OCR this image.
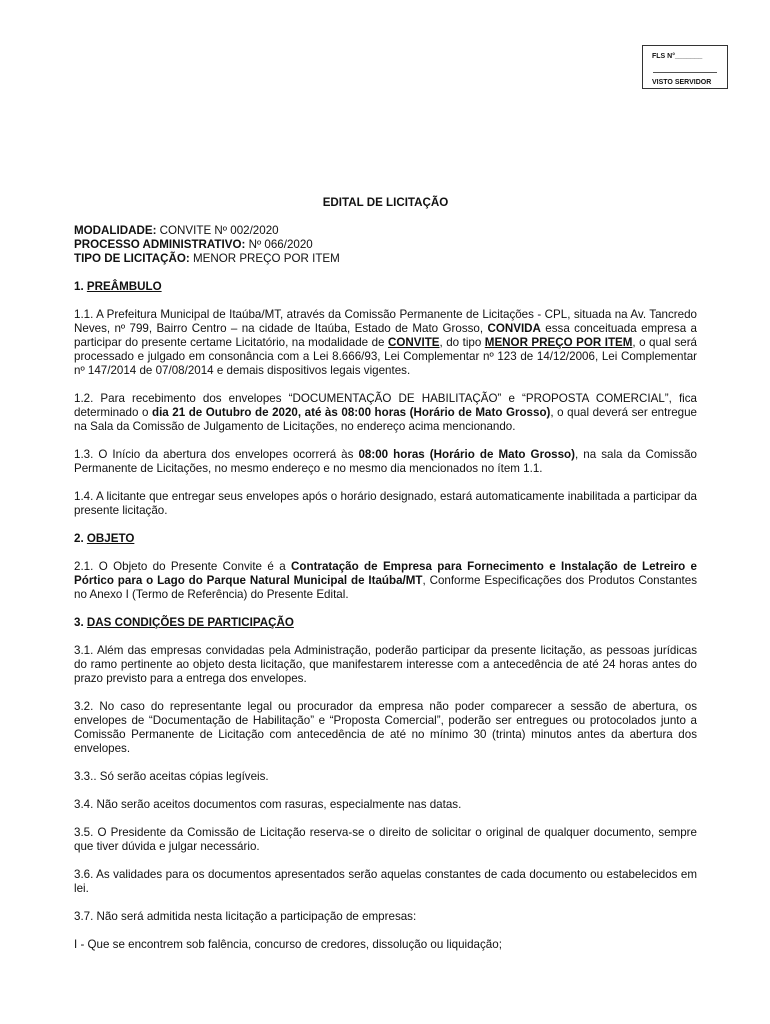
FLS N°_______
VISTO SERVIDOR
EDITAL DE LICITAÇÃO
MODALIDADE: CONVITE Nº 002/2020
PROCESSO ADMINISTRATIVO: Nº 066/2020
TIPO DE LICITAÇÃO: MENOR PREÇO POR ITEM
1. PREÂMBULO

1.1. A Prefeitura Municipal de Itaúba/MT, através da Comissão Permanente de Licitações - CPL, situada na Av. Tancredo Neves, nº 799, Bairro Centro – na cidade de Itaúba, Estado de Mato Grosso, CONVIDA essa conceituada empresa a participar do presente certame Licitatório, na modalidade de CONVITE, do tipo MENOR PREÇO POR ITEM, o qual será processado e julgado em consonância com a Lei 8.666/93, Lei Complementar nº 123 de 14/12/2006, Lei Complementar nº 147/2014 de 07/08/2014 e demais dispositivos legais vigentes.

1.2. Para recebimento dos envelopes “DOCUMENTAÇÃO DE HABILITAÇÃO” e “PROPOSTA COMERCIAL”, fica determinado o dia 21 de Outubro de 2020, até às 08:00 horas (Horário de Mato Grosso), o qual deverá ser entregue na Sala da Comissão de Julgamento de Licitações, no endereço acima mencionando.

1.3. O Início da abertura dos envelopes ocorrerá às 08:00 horas (Horário de Mato Grosso), na sala da Comissão Permanente de Licitações, no mesmo endereço e no mesmo dia mencionados no ítem 1.1.

1.4. A licitante que entregar seus envelopes após o horário designado, estará automaticamente inabilitada a participar da presente licitação.

2. OBJETO

2.1. O Objeto do Presente Convite é a Contratação de Empresa para Fornecimento e Instalação de Letreiro e Pórtico para o Lago do Parque Natural Municipal de Itaúba/MT, Conforme Especificações dos Produtos Constantes no Anexo I (Termo de Referência) do Presente Edital.

3. DAS CONDIÇÕES DE PARTICIPAÇÃO

3.1. Além das empresas convidadas pela Administração, poderão participar da presente licitação, as pessoas jurídicas do ramo pertinente ao objeto desta licitação, que manifestarem interesse com a antecedência de até 24 horas antes do prazo previsto para a entrega dos envelopes.

3.2. No caso do representante legal ou procurador da empresa não poder comparecer a sessão de abertura, os envelopes de “Documentação de Habilitação” e “Proposta Comercial”, poderão ser entregues ou protocolados junto a Comissão Permanente de Licitação com antecedência de até no mínimo 30 (trinta) minutos antes da abertura dos envelopes.

3.3.. Só serão aceitas cópias legíveis.

3.4. Não serão aceitos documentos com rasuras, especialmente nas datas.

3.5. O Presidente da Comissão de Licitação reserva-se o direito de solicitar o original de qualquer documento, sempre que tiver dúvida e julgar necessário.

3.6. As validades para os documentos apresentados serão aquelas constantes de cada documento ou estabelecidos em lei.

3.7. Não será admitida nesta licitação a participação de empresas:

I - Que se encontrem sob falência, concurso de credores, dissolução ou liquidação;
